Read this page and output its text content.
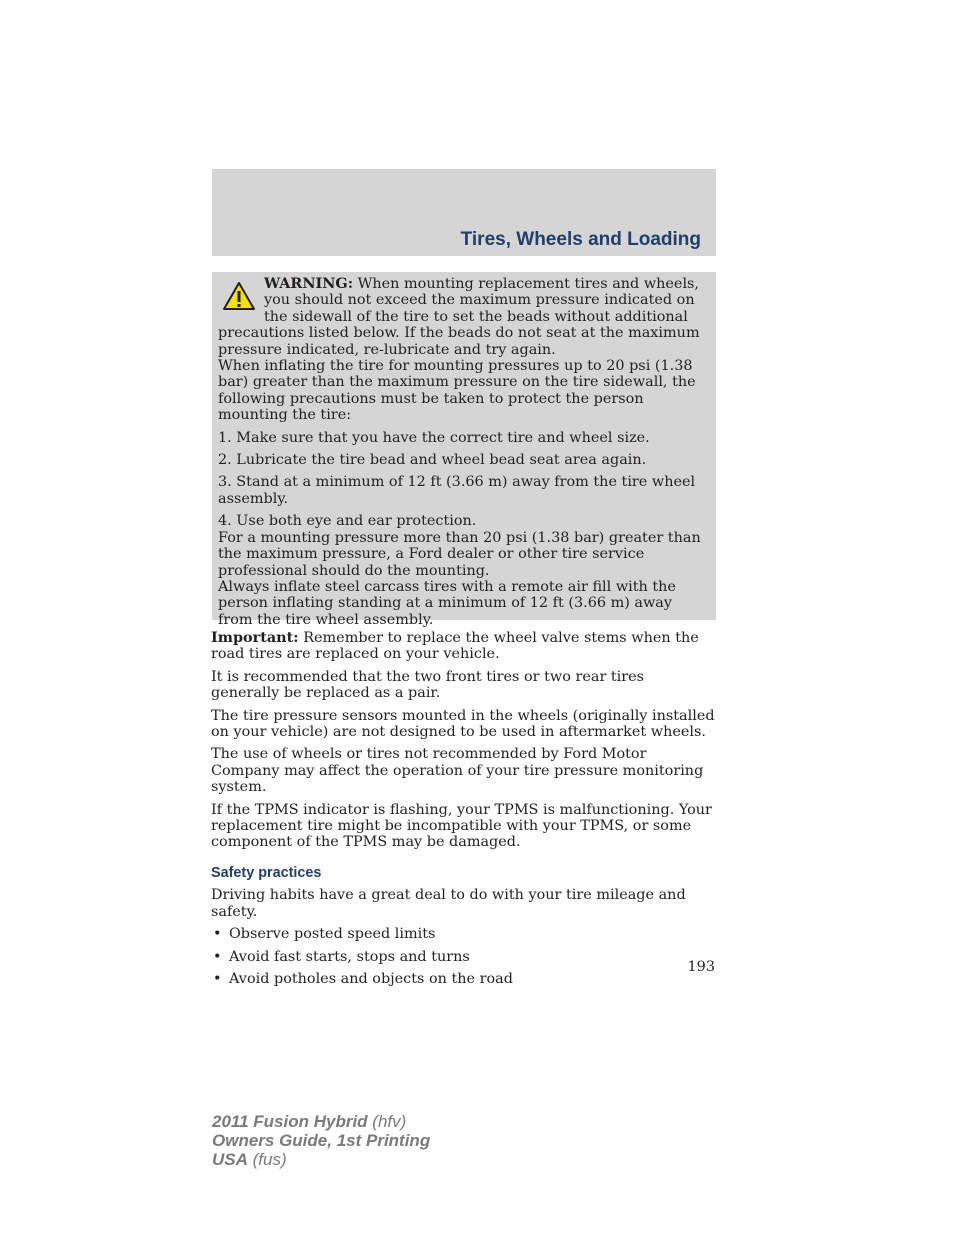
Tires, Wheels and Loading

WARNING: When mounting replacement tires and wheels, you should not exceed the maximum pressure indicated on the sidewall of the tire to set the beads without additional precautions listed below. If the beads do not seat at the maximum pressure indicated, re-lubricate and try again.

When inflating the tire for mounting pressures up to 20 psi (1.38 bar) greater than the maximum pressure on the tire sidewall, the following precautions must be taken to protect the person mounting the tire:

1. Make sure that you have the correct tire and wheel size.

2. Lubricate the tire bead and wheel bead seat area again.

3. Stand at a minimum of 12 ft (3.66 m) away from the tire wheel assembly.

4. Use both eye and ear protection.

For a mounting pressure more than 20 psi (1.38 bar) greater than the maximum pressure, a Ford dealer or other tire service professional should do the mounting.

Always inflate steel carcass tires with a remote air fill with the person inflating standing at a minimum of 12 ft (3.66 m) away from the tire wheel assembly.

Important: Remember to replace the wheel valve stems when the road tires are replaced on your vehicle.

It is recommended that the two front tires or two rear tires generally be replaced as a pair.

The tire pressure sensors mounted in the wheels (originally installed on your vehicle) are not designed to be used in aftermarket wheels.

The use of wheels or tires not recommended by Ford Motor Company may affect the operation of your tire pressure monitoring system.

If the TPMS indicator is flashing, your TPMS is malfunctioning. Your replacement tire might be incompatible with your TPMS, or some component of the TPMS may be damaged.

Safety practices

Driving habits have a great deal to do with your tire mileage and safety.

• Observe posted speed limits
• Avoid fast starts, stops and turns
• Avoid potholes and objects on the road
193
2011 Fusion Hybrid (hfv)
Owners Guide, 1st Printing
USA (fus)
